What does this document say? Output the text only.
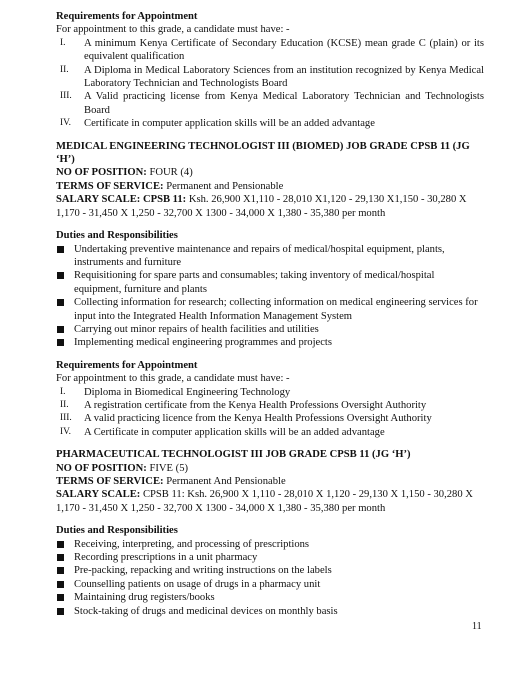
Requirements for Appointment

For appointment to this grade, a candidate must have: -

I. A minimum Kenya Certificate of Secondary Education (KCSE) mean grade C (plain) or its equivalent qualification
II. A Diploma in Medical Laboratory Sciences from an institution recognized by Kenya Medical Laboratory Technician and Technologists Board
III. A Valid practicing license from Kenya Medical Laboratory Technician and Technologists Board
IV. Certificate in computer application skills will be an added advantage

MEDICAL ENGINEERING TECHNOLOGIST III (BIOMED) JOB GRADE CPSB 11 (JG ‘H’)

NO OF POSITION: FOUR (4)

TERMS OF SERVICE: Permanent and Pensionable

SALARY SCALE: CPSB 11: Ksh. 26,900 X1,110 - 28,010 X1,120 - 29,130 X1,150 - 30,280 X 1,170 - 31,450 X 1,250 - 32,700 X 1300 - 34,000 X 1,380 - 35,380 per month

Duties and Responsibilities

Undertaking preventive maintenance and repairs of medical/hospital equipment, plants, instruments and furniture
Requisitioning for spare parts and consumables; taking inventory of medical/hospital equipment, furniture and plants
Collecting information for research; collecting information on medical engineering services for input into the Integrated Health Information Management System
Carrying out minor repairs of health facilities and utilities
Implementing medical engineering programmes and projects

Requirements for Appointment

For appointment to this grade, a candidate must have: -

I. Diploma in Biomedical Engineering Technology
II. A registration certificate from the Kenya Health Professions Oversight Authority
III. A valid practicing licence from the Kenya Health Professions Oversight Authority
IV. A Certificate in computer application skills will be an added advantage

PHARMACEUTICAL TECHNOLOGIST III JOB GRADE CPSB 11 (JG ‘H’)

NO OF POSITION: FIVE (5)

TERMS OF SERVICE: Permanent And Pensionable

SALARY SCALE: CPSB 11: Ksh. 26,900 X 1,110 - 28,010 X 1,120 - 29,130 X 1,150 - 30,280 X 1,170 - 31,450 X 1,250 - 32,700 X 1300 - 34,000 X 1,380 - 35,380 per month

Duties and Responsibilities

Receiving, interpreting, and processing of prescriptions
Recording prescriptions in a unit pharmacy
Pre-packing, repacking and writing instructions on the labels
Counselling patients on usage of drugs in a pharmacy unit
Maintaining drug registers/books
Stock-taking of drugs and medicinal devices on monthly basis
11
